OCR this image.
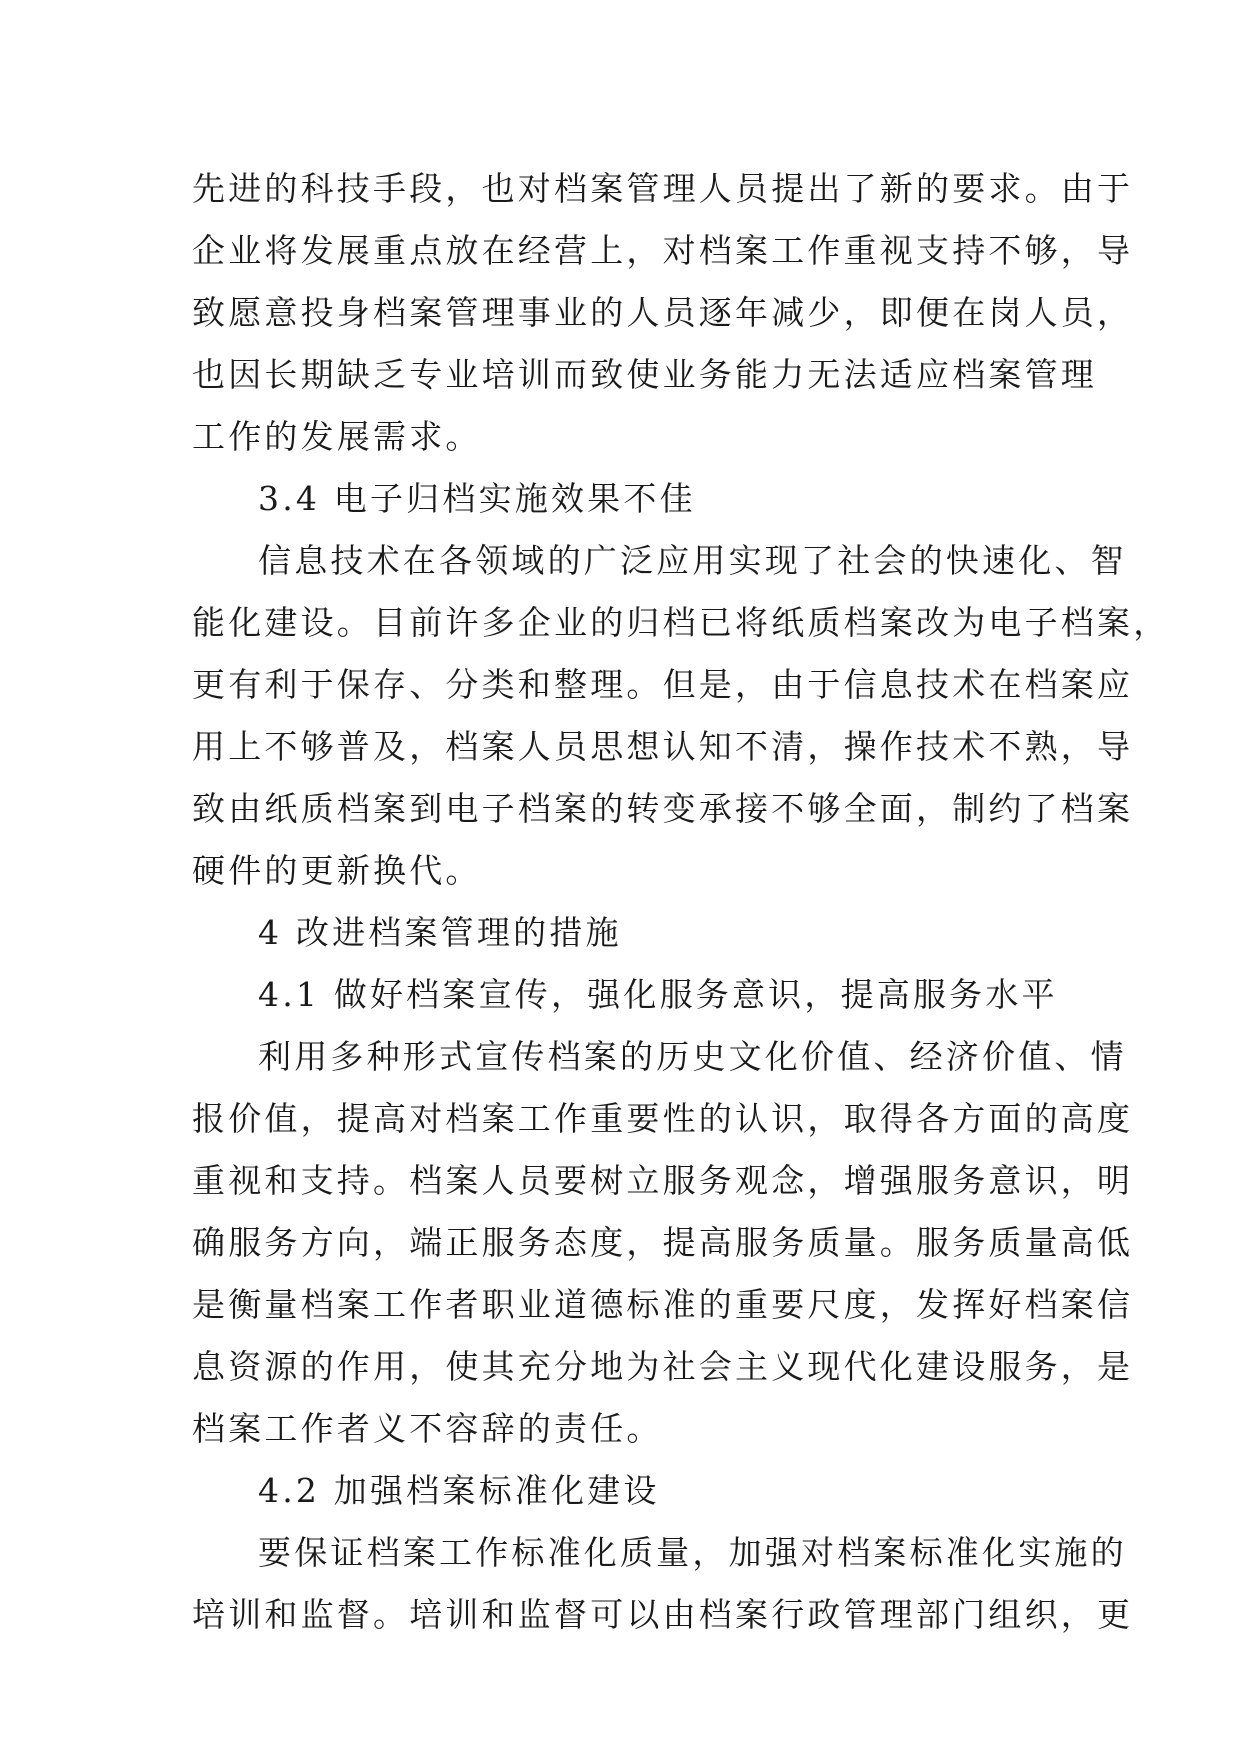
先进的科技手段，也对档案管理人员提出了新的要求。由于
企业将发展重点放在经营上，对档案工作重视支持不够，导
致愿意投身档案管理事业的人员逐年减少，即便在岗人员，
也因长期缺乏专业培训而致使业务能力无法适应档案管理
工作的发展需求。
3.4 电子归档实施效果不佳
信息技术在各领域的广泛应用实现了社会的快速化、智
能化建设。目前许多企业的归档已将纸质档案改为电子档案，
更有利于保存、分类和整理。但是，由于信息技术在档案应
用上不够普及，档案人员思想认知不清，操作技术不熟，导
致由纸质档案到电子档案的转变承接不够全面，制约了档案
硬件的更新换代。
4 改进档案管理的措施
4.1 做好档案宣传，强化服务意识，提高服务水平
利用多种形式宣传档案的历史文化价值、经济价值、情
报价值，提高对档案工作重要性的认识，取得各方面的高度
重视和支持。档案人员要树立服务观念，增强服务意识，明
确服务方向，端正服务态度，提高服务质量。服务质量高低
是衡量档案工作者职业道德标准的重要尺度，发挥好档案信
息资源的作用，使其充分地为社会主义现代化建设服务，是
档案工作者义不容辞的责任。
4.2 加强档案标准化建设
要保证档案工作标准化质量，加强对档案标准化实施的
培训和监督。培训和监督可以由档案行政管理部门组织，更
